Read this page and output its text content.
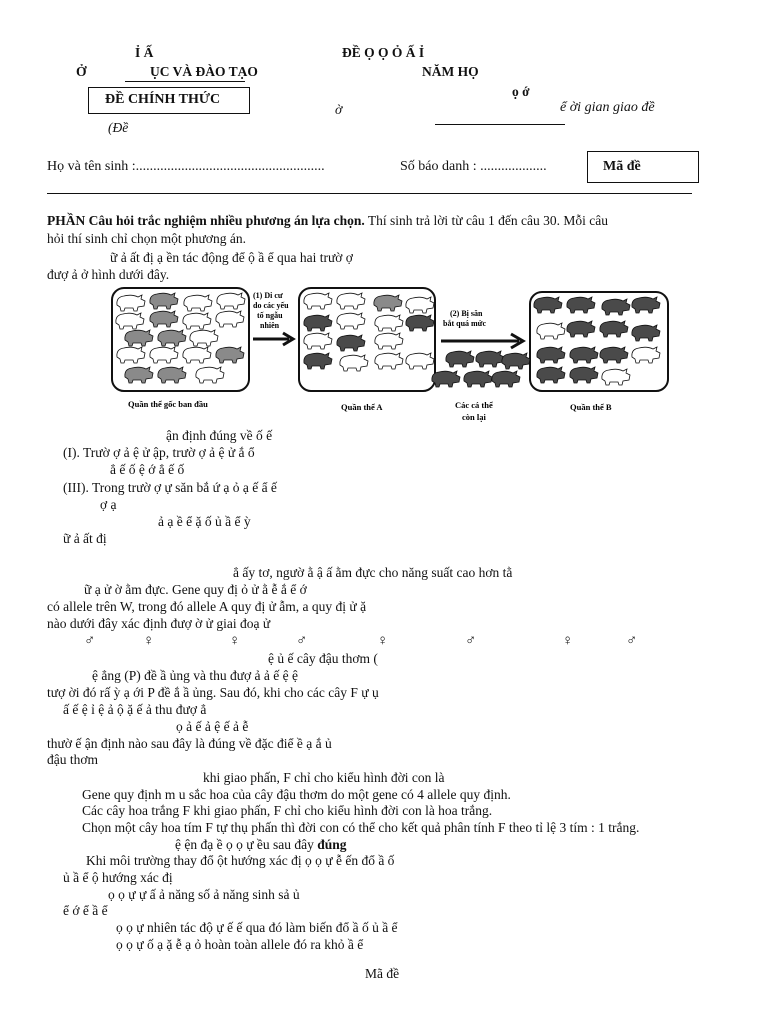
Ỉ Ấ
Ở	ỤC VÀ ĐÀO TẠO
ĐỀ CHÍNH THỨC
(Đề
ĐỀ Ọ Ọ Ỏ Ấ Ỉ
NĂM HỌ
ọ ớ
ờ	ể ời gian giao đề
Họ và tên sinh :......................................................	Số báo danh : ...................	Mã đề
PHẦN Câu hỏi trắc nghiệm nhiều phương án lựa chọn. Thí sinh trả lời từ câu 1 đến câu 30. Mỗi câu
hỏi thí sinh chỉ chọn một phương án.
ữ ả ất đị ạ ền tác động để ộ ầ ể qua hai trườ ợ
đượ ả ở hình dưới đây.
(1) Di cư
do các yếu
tố ngẫu
nhiên
(2) Bị săn
bắt quá mức
Quần thể gốc ban đầu	Quần thể A	Các cá thể
còn lại
Quần thể B
ận định đúng về ố ế
(I). Trườ ợ ả ệ ử ập, trườ ợ ả ệ ử ắ ổ
ẳ ế ố ệ ớ ẳ ế ố
(III). Trong trườ ợ ự săn bắ ứ ạ ỏ ạ ế ẩ ế
ợ ạ
ả ạ ề ể ặ ố ủ ầ ể ỳ
ữ ả ất đị
ẳ ấy tơ, ngườ ằ ậ ấ ằm đực cho năng suất cao hơn tằ
ữ ạ ử ờ ằm đực. Gene quy đị ỏ ử ằ ễ ắ ể ớ
có allele trên W, trong đó allele A quy đị ử ẫm, a quy đị ử ặ
nào dưới đây xác định đượ ờ ử giai đoạ ử
♂	♀	♀	♂	♀	♂	♀	♂
ệ ủ ế cây đậu thơm (
ệ ẳng (P) đề ầ ủng và thu đượ ả ả ế ệ ệ
tượ ời đó rấ ỳ ạ ới P đề ắ ầ ủng. Sau đó, khi cho các cây F ự ụ
ấ ế ệ ỉ ệ ả ộ ặ ế ả thu đượ ẳ
ọ ả ế ả ệ ế ả ễ
thườ ế ận định nào sau đây là đúng về đặc điể ề ạ ắ ủ
đậu thơm
khi giao phấn, F chỉ cho kiểu hình đời con là
Gene quy định m u sắc hoa của cây đậu thơm do một gene có 4 allele quy định.
Các cây hoa trắng F khi giao phấn, F chỉ cho kiểu hình đời con là hoa trắng.
Chọn một cây hoa tím F tự thụ phấn thì đời con có thể cho kết quả phân tính F theo tỉ lệ 3 tím : 1 trắng.
ệ ện đạ ề ọ ọ ự ều sau đây đúng
Khi môi trường thay đổ ột hướng xác đị ọ ọ ự ễ ến đổ ầ ố
ủ ầ ể ộ hướng xác đị
ọ ọ ự ự ấ ả năng số ả năng sinh sả ủ
ể ớ ể ầ ể
ọ ọ ự nhiên tác độ ự ế ế qua đó làm biến đổ ầ ố ủ ầ ể
ọ ọ ự ố ạ ặ ễ ạ ỏ hoàn toàn allele đó ra khỏ ầ ể
Mã đề
